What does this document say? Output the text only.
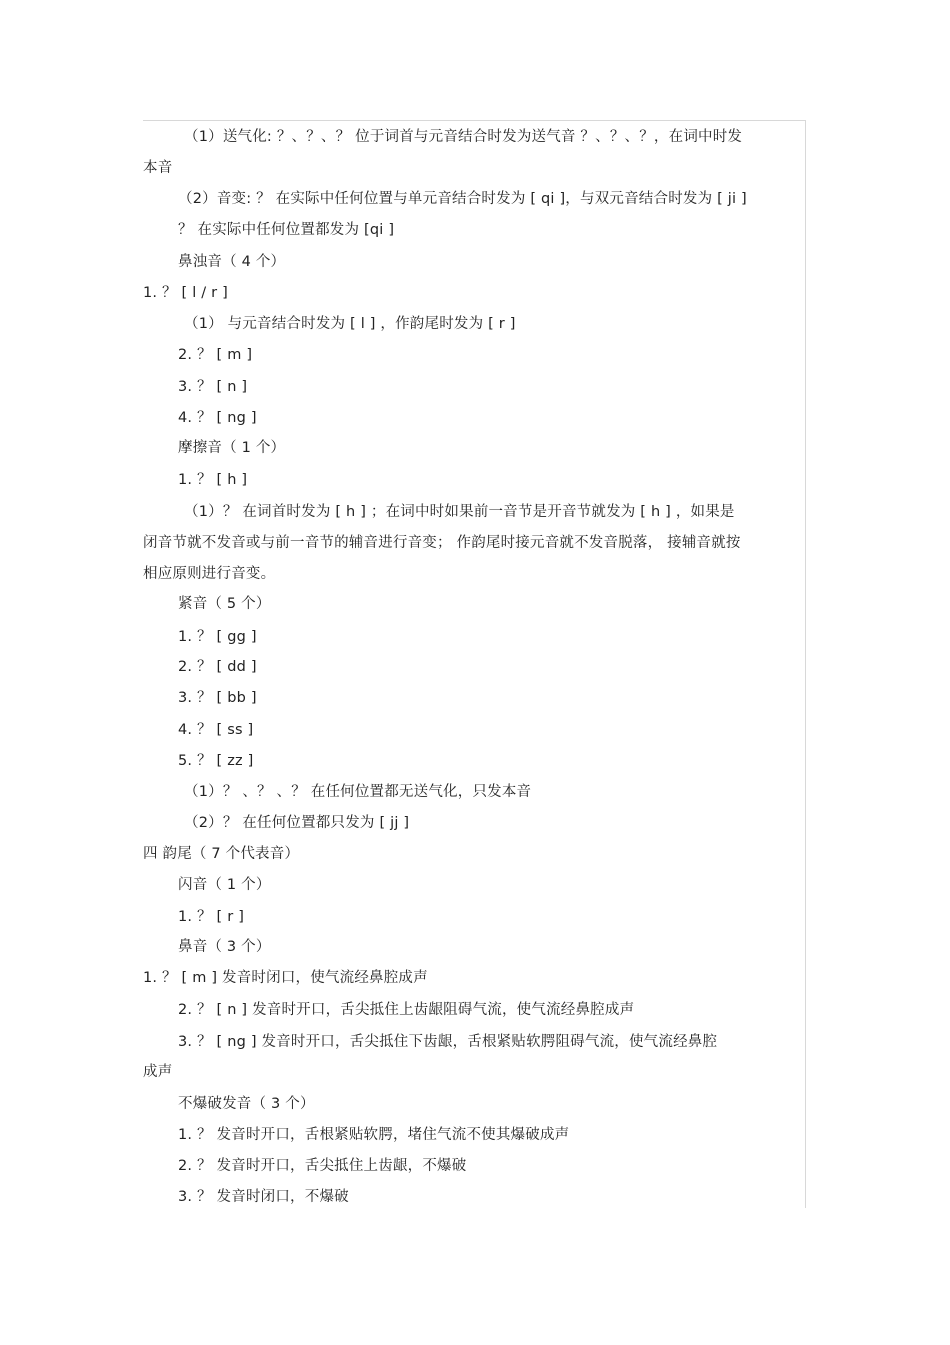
（1）送气化: ？、？、？ 位于词首与元音结合时发为送气音 ？、？、？，在词中时发
本音
（2）音变: ？ 在实际中任何位置与单元音结合时发为 [ qi ]，与双元音结合时发为 [ ji ]
？ 在实际中任何位置都发为 [qi ]
鼻浊音（ 4 个）
1. ？ [ l / r ]
（1） 与元音结合时发为 [ l ] ，作韵尾时发为 [ r ]
2. ？ [ m ]
3. ？ [ n ]
4. ？ [ ng ]
摩擦音（ 1 个）
1. ？ [ h ]
（1）？ 在词首时发为 [ h ] ；在词中时如果前一音节是开音节就发为 [ h ] ，如果是
闭音节就不发音或与前一音节的辅音进行音变； 作韵尾时接元音就不发音脱落， 接辅音就按
相应原则进行音变。
紧音（ 5 个）
1. ？ [ gg ]
2. ？ [ dd ]
3. ？ [ bb ]
4. ？ [ ss ]
5. ？ [ zz ]
（1）？ 、？ 、？ 在任何位置都无送气化，只发本音
（2）？ 在任何位置都只发为 [ jj ]
四 韵尾（ 7 个代表音）
闪音（ 1 个）
1. ？ [ r ]
鼻音（ 3 个）
1. ？ [ m ] 发音时闭口，使气流经鼻腔成声
2. ？ [ n ] 发音时开口，舌尖抵住上齿龈阻碍气流，使气流经鼻腔成声
3. ？ [ ng ] 发音时开口，舌尖抵住下齿龈，舌根紧贴软腭阻碍气流，使气流经鼻腔
成声
不爆破发音（ 3 个）
1. ？ 发音时开口，舌根紧贴软腭，堵住气流不使其爆破成声
2. ？ 发音时开口，舌尖抵住上齿龈，不爆破
3. ？ 发音时闭口，不爆破
